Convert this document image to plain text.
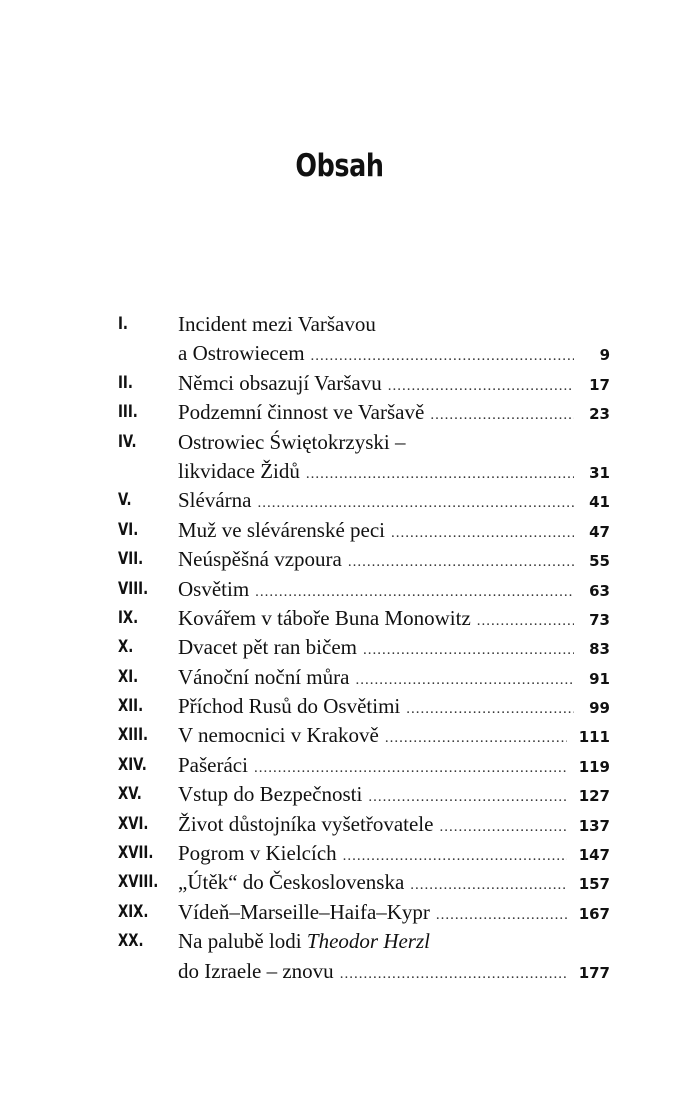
Obsah
I. Incident mezi Varšavou
a Ostrowiecem .....	9
II. Němci obsazují Varšavu .....	17
III. Podzemní činnost ve Varšavě .....	23
IV. Ostrowiec Świętokrzyski –
likvidace Židů .....	31
V. Slévárna .....	41
VI. Muž ve slévárenské peci .....	47
VII. Neúspěšná vzpoura .....	55
VIII. Osvětim .....	63
IX. Kovářem v táboře Buna Monowitz .....	73
X. Dvacet pět ran bičem .....	83
XI. Vánoční noční můra .....	91
XII. Příchod Rusů do Osvětimi .....	99
XIII. V nemocnici v Krakově .....	111
XIV. Pašeráci .....	119
XV. Vstup do Bezpečnosti .....	127
XVI. Život důstojníka vyšetřovatele .....	137
XVII. Pogrom v Kielcích .....	147
XVIII. „Útěk“ do Československa .....	157
XIX. Vídeň–Marseille–Haifa–Kypr .....	167
XX. Na palubě lodi Theodor Herzl
do Izraele – znovu .....	177
